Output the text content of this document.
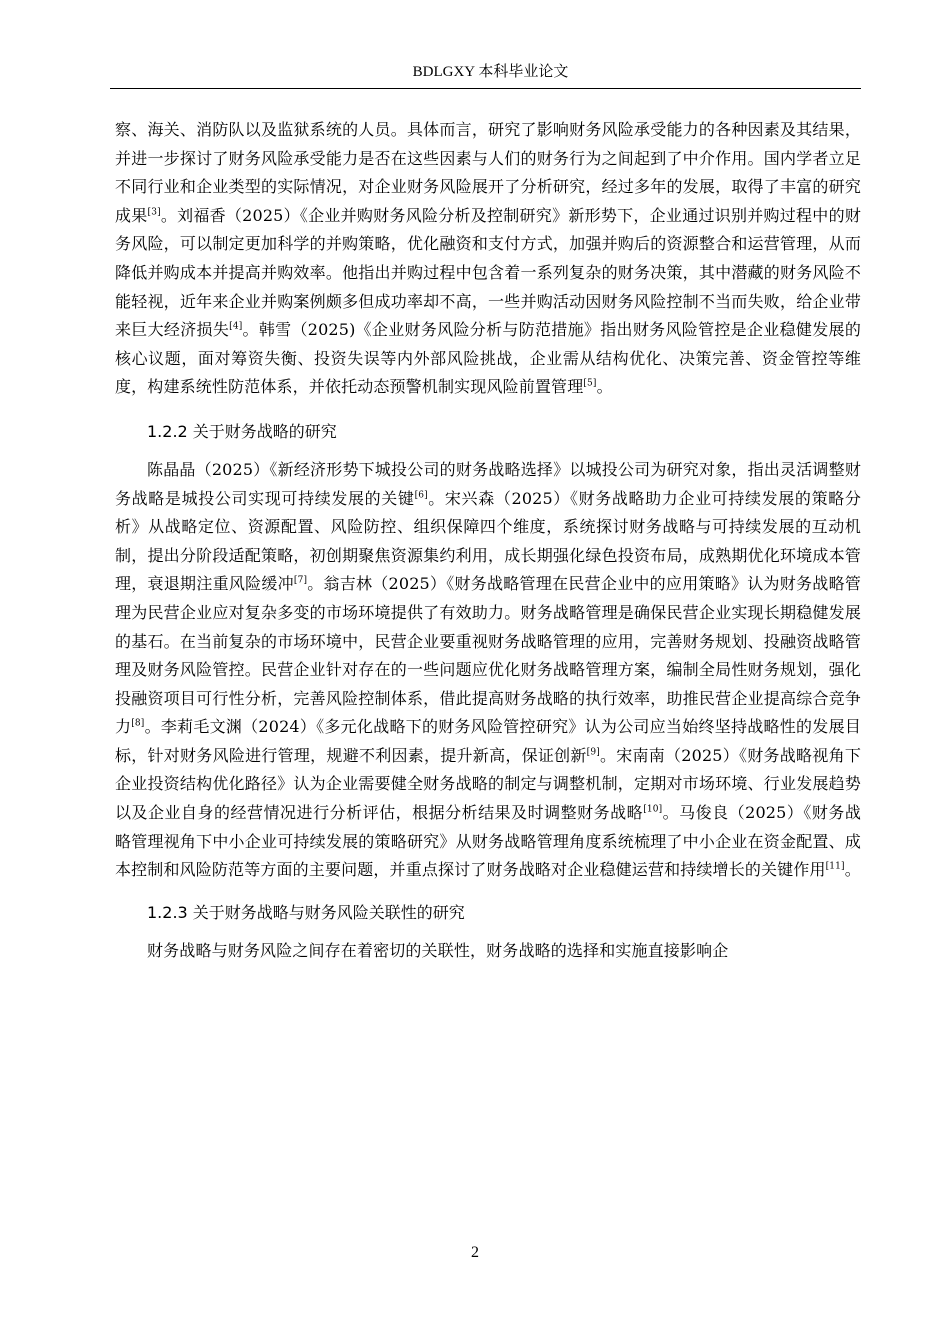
BDLGXY 本科毕业论文

察、海关、消防队以及监狱系统的人员。具体而言，研究了影响财务风险承受能力的各种因素及其结果，并进一步探讨了财务风险承受能力是否在这些因素与人们的财务行为之间起到了中介作用。国内学者立足不同行业和企业类型的实际情况，对企业财务风险展开了分析研究，经过多年的发展，取得了丰富的研究成果[3]。刘福香（2025）《企业并购财务风险分析及控制研究》新形势下，企业通过识别并购过程中的财务风险，可以制定更加科学的并购策略，优化融资和支付方式，加强并购后的资源整合和运营管理，从而降低并购成本并提高并购效率。他指出并购过程中包含着一系列复杂的财务决策，其中潜藏的财务风险不能轻视，近年来企业并购案例颇多但成功率却不高，一些并购活动因财务风险控制不当而失败，给企业带来巨大经济损失[4]。韩雪（2025)《企业财务风险分析与防范措施》指出财务风险管控是企业稳健发展的核心议题，面对筹资失衡、投资失误等内外部风险挑战，企业需从结构优化、决策完善、资金管控等维度，构建系统性防范体系，并依托动态预警机制实现风险前置管理[5]。

1.2.2 关于财务战略的研究

陈晶晶（2025）《新经济形势下城投公司的财务战略选择》以城投公司为研究对象，指出灵活调整财务战略是城投公司实现可持续发展的关键[6]。宋兴森（2025）《财务战略助力企业可持续发展的策略分析》从战略定位、资源配置、风险防控、组织保障四个维度，系统探讨财务战略与可持续发展的互动机制，提出分阶段适配策略，初创期聚焦资源集约利用，成长期强化绿色投资布局，成熟期优化环境成本管理，衰退期注重风险缓冲[7]。翁吉林（2025）《财务战略管理在民营企业中的应用策略》认为财务战略管理为民营企业应对复杂多变的市场环境提供了有效助力。财务战略管理是确保民营企业实现长期稳健发展的基石。在当前复杂的市场环境中，民营企业要重视财务战略管理的应用，完善财务规划、投融资战略管理及财务风险管控。民营企业针对存在的一些问题应优化财务战略管理方案，编制全局性财务规划，强化投融资项目可行性分析，完善风险控制体系，借此提高财务战略的执行效率，助推民营企业提高综合竞争力[8]。李莉毛文渊（2024）《多元化战略下的财务风险管控研究》认为公司应当始终坚持战略性的发展目标，针对财务风险进行管理，规避不利因素，提升新高，保证创新[9]。宋南南（2025）《财务战略视角下企业投资结构优化路径》认为企业需要健全财务战略的制定与调整机制，定期对市场环境、行业发展趋势以及企业自身的经营情况进行分析评估，根据分析结果及时调整财务战略[10]。马俊良（2025）《财务战略管理视角下中小企业可持续发展的策略研究》从财务战略管理角度系统梳理了中小企业在资金配置、成本控制和风险防范等方面的主要问题，并重点探讨了财务战略对企业稳健运营和持续增长的关键作用[11]。

1.2.3 关于财务战略与财务风险关联性的研究

财务战略与财务风险之间存在着密切的关联性，财务战略的选择和实施直接影响企

2
